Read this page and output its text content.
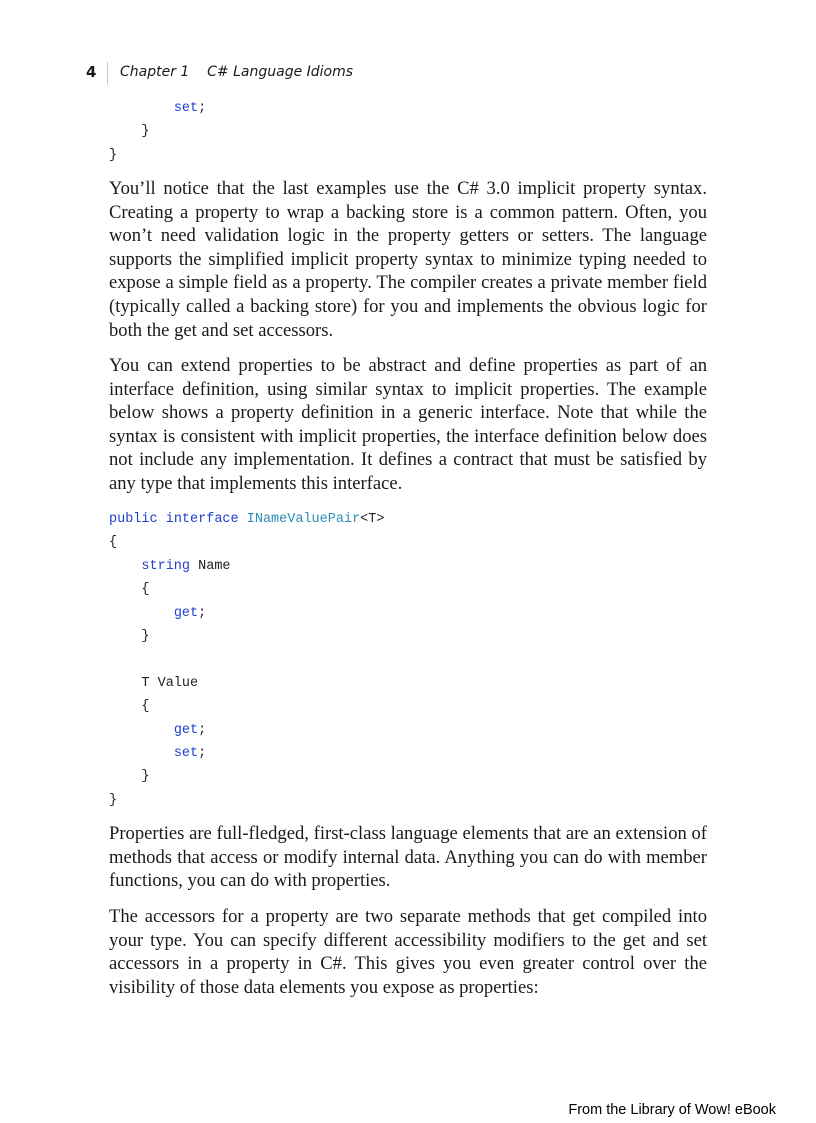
4 Chapter 1 C# Language Idioms
set;
}
}

You’ll notice that the last examples use the C# 3.0 implicit property syntax. Creating a property to wrap a backing store is a common pattern. Often, you won’t need validation logic in the property getters or setters. The language supports the simplified implicit property syntax to minimize typing needed to expose a simple field as a property. The compiler creates a private member field (typically called a backing store) for you and implements the obvious logic for both the get and set accessors.

You can extend properties to be abstract and define properties as part of an interface definition, using similar syntax to implicit properties. The example below shows a property definition in a generic interface. Note that while the syntax is consistent with implicit properties, the interface definition below does not include any implementation. It defines a contract that must be satisfied by any type that implements this interface.

public interface INameValuePair<T>
{
string Name
{
get;
}

T Value
{
get;
set;
}
}

Properties are full-fledged, first-class language elements that are an extension of methods that access or modify internal data. Anything you can do with member functions, you can do with properties.

The accessors for a property are two separate methods that get compiled into your type. You can specify different accessibility modifiers to the get and set accessors in a property in C#. This gives you even greater control over the visibility of those data elements you expose as properties:

From the Library of Wow! eBook
